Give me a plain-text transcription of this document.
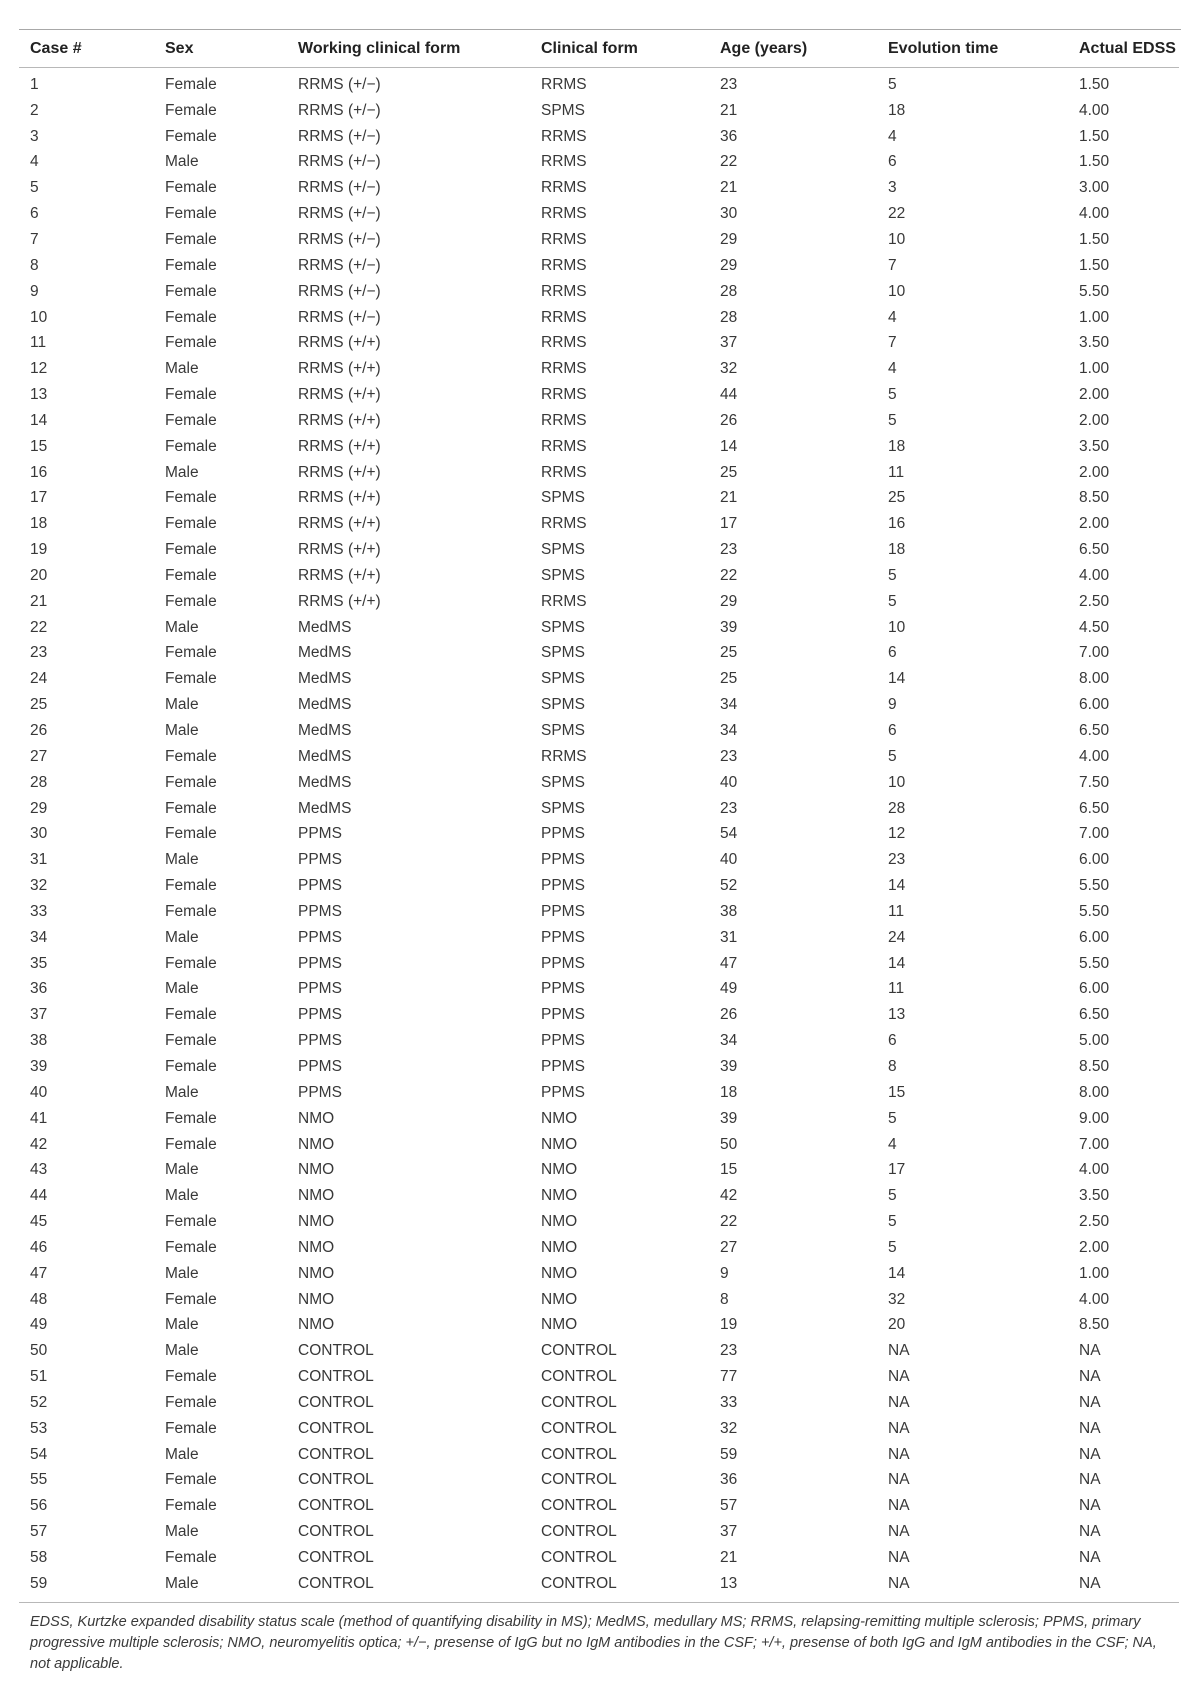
Case #	Sex	Working clinical form	Clinical form	Age (years)	Evolution time	Actual EDSS
1	Female	RRMS (+/−)	RRMS	23	5	1.50
2	Female	RRMS (+/−)	SPMS	21	18	4.00
3	Female	RRMS (+/−)	RRMS	36	4	1.50
4	Male	RRMS (+/−)	RRMS	22	6	1.50
5	Female	RRMS (+/−)	RRMS	21	3	3.00
6	Female	RRMS (+/−)	RRMS	30	22	4.00
7	Female	RRMS (+/−)	RRMS	29	10	1.50
8	Female	RRMS (+/−)	RRMS	29	7	1.50
9	Female	RRMS (+/−)	RRMS	28	10	5.50
10	Female	RRMS (+/−)	RRMS	28	4	1.00
11	Female	RRMS (+/+)	RRMS	37	7	3.50
12	Male	RRMS (+/+)	RRMS	32	4	1.00
13	Female	RRMS (+/+)	RRMS	44	5	2.00
14	Female	RRMS (+/+)	RRMS	26	5	2.00
15	Female	RRMS (+/+)	RRMS	14	18	3.50
16	Male	RRMS (+/+)	RRMS	25	11	2.00
17	Female	RRMS (+/+)	SPMS	21	25	8.50
18	Female	RRMS (+/+)	RRMS	17	16	2.00
19	Female	RRMS (+/+)	SPMS	23	18	6.50
20	Female	RRMS (+/+)	SPMS	22	5	4.00
21	Female	RRMS (+/+)	RRMS	29	5	2.50
22	Male	MedMS	SPMS	39	10	4.50
23	Female	MedMS	SPMS	25	6	7.00
24	Female	MedMS	SPMS	25	14	8.00
25	Male	MedMS	SPMS	34	9	6.00
26	Male	MedMS	SPMS	34	6	6.50
27	Female	MedMS	RRMS	23	5	4.00
28	Female	MedMS	SPMS	40	10	7.50
29	Female	MedMS	SPMS	23	28	6.50
30	Female	PPMS	PPMS	54	12	7.00
31	Male	PPMS	PPMS	40	23	6.00
32	Female	PPMS	PPMS	52	14	5.50
33	Female	PPMS	PPMS	38	11	5.50
34	Male	PPMS	PPMS	31	24	6.00
35	Female	PPMS	PPMS	47	14	5.50
36	Male	PPMS	PPMS	49	11	6.00
37	Female	PPMS	PPMS	26	13	6.50
38	Female	PPMS	PPMS	34	6	5.00
39	Female	PPMS	PPMS	39	8	8.50
40	Male	PPMS	PPMS	18	15	8.00
41	Female	NMO	NMO	39	5	9.00
42	Female	NMO	NMO	50	4	7.00
43	Male	NMO	NMO	15	17	4.00
44	Male	NMO	NMO	42	5	3.50
45	Female	NMO	NMO	22	5	2.50
46	Female	NMO	NMO	27	5	2.00
47	Male	NMO	NMO	9	14	1.00
48	Female	NMO	NMO	8	32	4.00
49	Male	NMO	NMO	19	20	8.50
50	Male	CONTROL	CONTROL	23	NA	NA
51	Female	CONTROL	CONTROL	77	NA	NA
52	Female	CONTROL	CONTROL	33	NA	NA
53	Female	CONTROL	CONTROL	32	NA	NA
54	Male	CONTROL	CONTROL	59	NA	NA
55	Female	CONTROL	CONTROL	36	NA	NA
56	Female	CONTROL	CONTROL	57	NA	NA
57	Male	CONTROL	CONTROL	37	NA	NA
58	Female	CONTROL	CONTROL	21	NA	NA
59	Male	CONTROL	CONTROL	13	NA	NA
EDSS, Kurtzke expanded disability status scale (method of quantifying disability in MS); MedMS, medullary MS; RRMS, relapsing-remitting multiple sclerosis; PPMS, primary progressive multiple sclerosis; NMO, neuromyelitis optica; +/−, presense of IgG but no IgM antibodies in the CSF; +/+, presense of both IgG and IgM antibodies in the CSF; NA, not applicable.
